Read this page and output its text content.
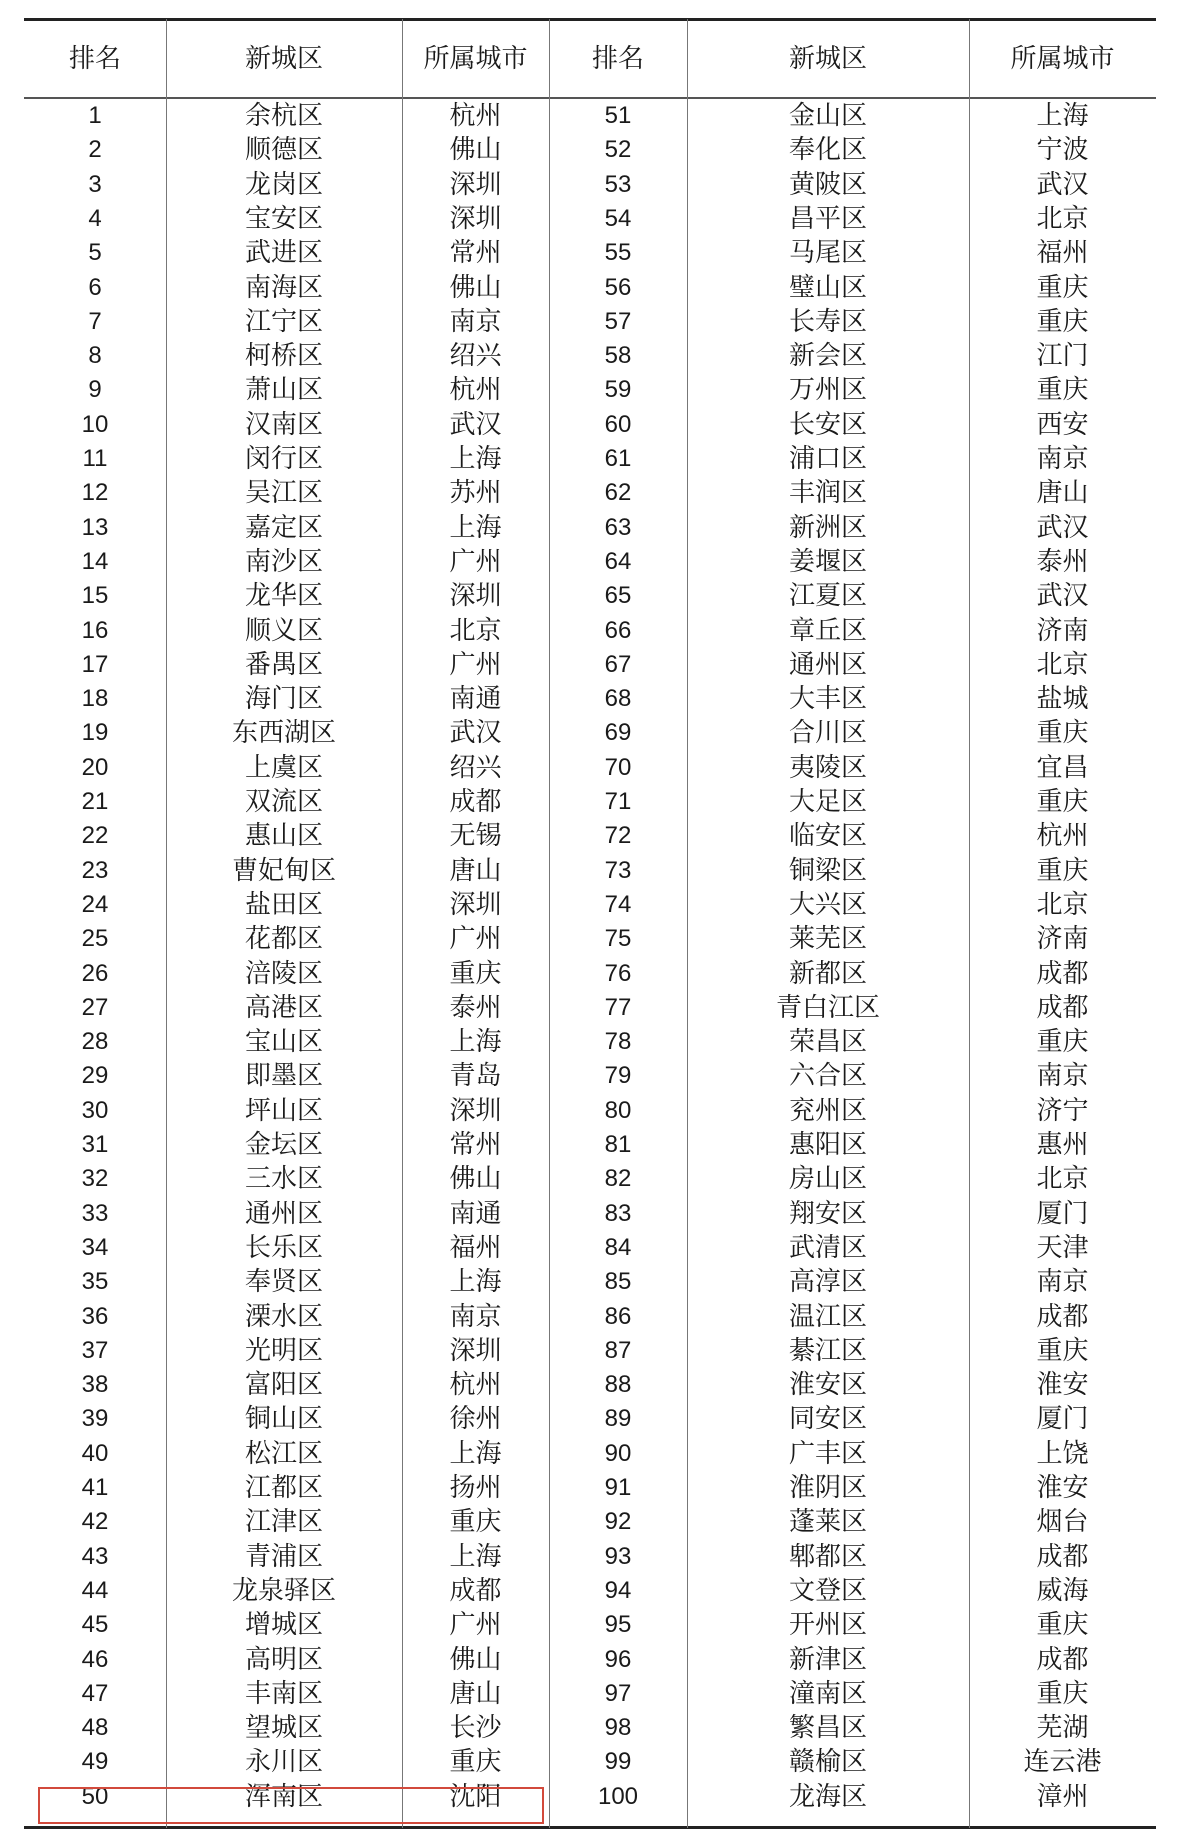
排名	新城区	所属城市	排名	新城区	所属城市
1	余杭区	杭州	51	金山区	上海
2	顺德区	佛山	52	奉化区	宁波
3	龙岗区	深圳	53	黄陂区	武汉
4	宝安区	深圳	54	昌平区	北京
5	武进区	常州	55	马尾区	福州
6	南海区	佛山	56	璧山区	重庆
7	江宁区	南京	57	长寿区	重庆
8	柯桥区	绍兴	58	新会区	江门
9	萧山区	杭州	59	万州区	重庆
10	汉南区	武汉	60	长安区	西安
11	闵行区	上海	61	浦口区	南京
12	吴江区	苏州	62	丰润区	唐山
13	嘉定区	上海	63	新洲区	武汉
14	南沙区	广州	64	姜堰区	泰州
15	龙华区	深圳	65	江夏区	武汉
16	顺义区	北京	66	章丘区	济南
17	番禺区	广州	67	通州区	北京
18	海门区	南通	68	大丰区	盐城
19	东西湖区	武汉	69	合川区	重庆
20	上虞区	绍兴	70	夷陵区	宜昌
21	双流区	成都	71	大足区	重庆
22	惠山区	无锡	72	临安区	杭州
23	曹妃甸区	唐山	73	铜梁区	重庆
24	盐田区	深圳	74	大兴区	北京
25	花都区	广州	75	莱芜区	济南
26	涪陵区	重庆	76	新都区	成都
27	高港区	泰州	77	青白江区	成都
28	宝山区	上海	78	荣昌区	重庆
29	即墨区	青岛	79	六合区	南京
30	坪山区	深圳	80	兖州区	济宁
31	金坛区	常州	81	惠阳区	惠州
32	三水区	佛山	82	房山区	北京
33	通州区	南通	83	翔安区	厦门
34	长乐区	福州	84	武清区	天津
35	奉贤区	上海	85	高淳区	南京
36	溧水区	南京	86	温江区	成都
37	光明区	深圳	87	綦江区	重庆
38	富阳区	杭州	88	淮安区	淮安
39	铜山区	徐州	89	同安区	厦门
40	松江区	上海	90	广丰区	上饶
41	江都区	扬州	91	淮阴区	淮安
42	江津区	重庆	92	蓬莱区	烟台
43	青浦区	上海	93	郫都区	成都
44	龙泉驿区	成都	94	文登区	威海
45	增城区	广州	95	开州区	重庆
46	高明区	佛山	96	新津区	成都
47	丰南区	唐山	97	潼南区	重庆
48	望城区	长沙	98	繁昌区	芜湖
49	永川区	重庆	99	赣榆区	连云港
50	浑南区	沈阳	100	龙海区	漳州
